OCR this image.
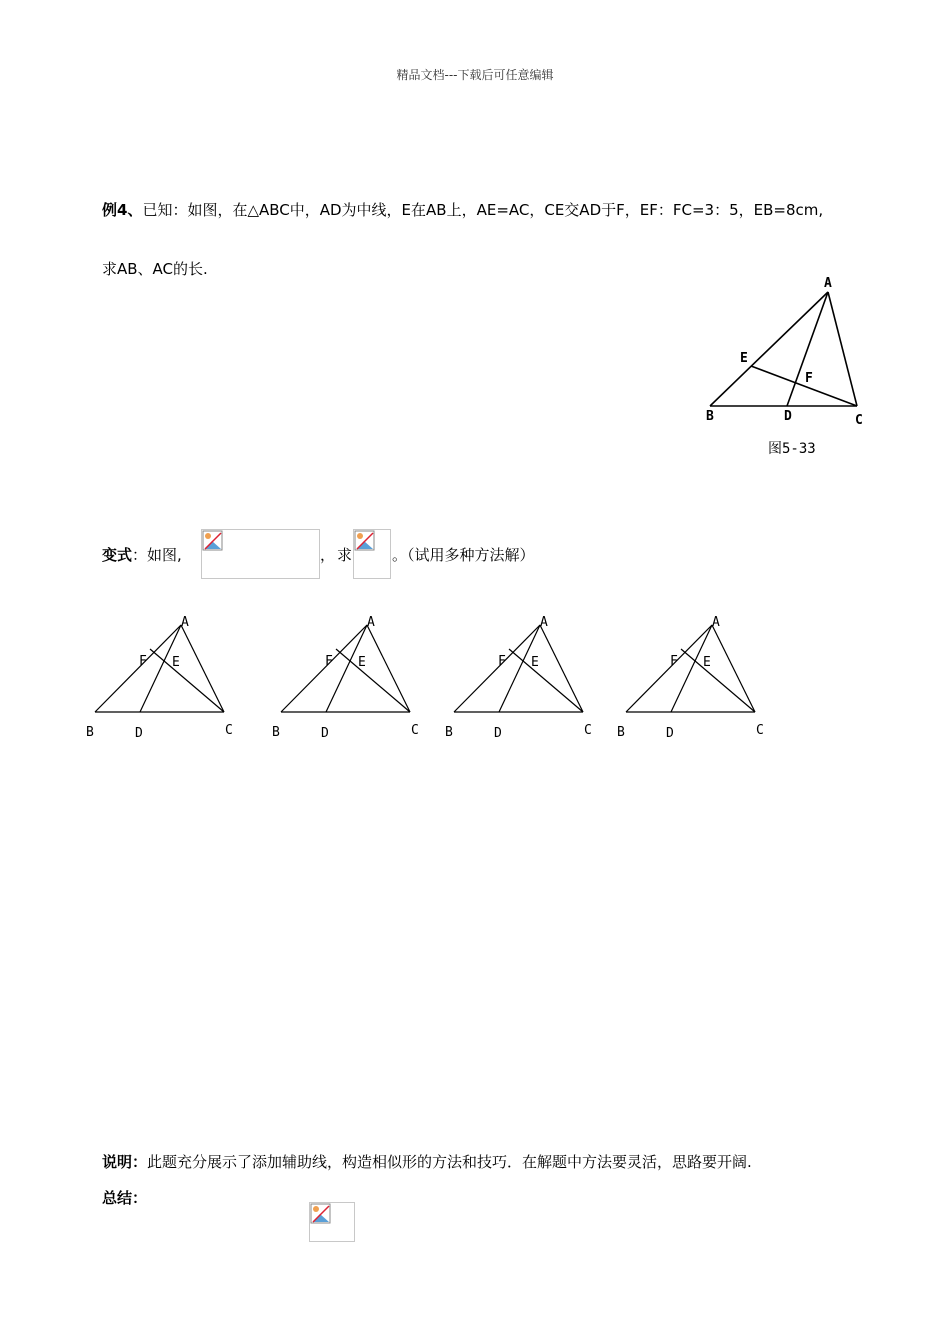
精品文档---下载后可任意编辑
例4、已知：如图，在△ABC中，AD为中线，E在AB上，AE=AC，CE交AD于F，EF：FC=3：5，EB=8cm,
求AB、AC的长.
A
E
F
B	D	C
图5-33
变式：如图,	， 求	。（试用多种方法解）
A
F E
B	D	C
A
F E
B	D	C
A
F E
B	D	C
A
F E
B	D	C
说明：此题充分展示了添加辅助线，构造相似形的方法和技巧．在解题中方法要灵活，思路要开阔.
总结：
